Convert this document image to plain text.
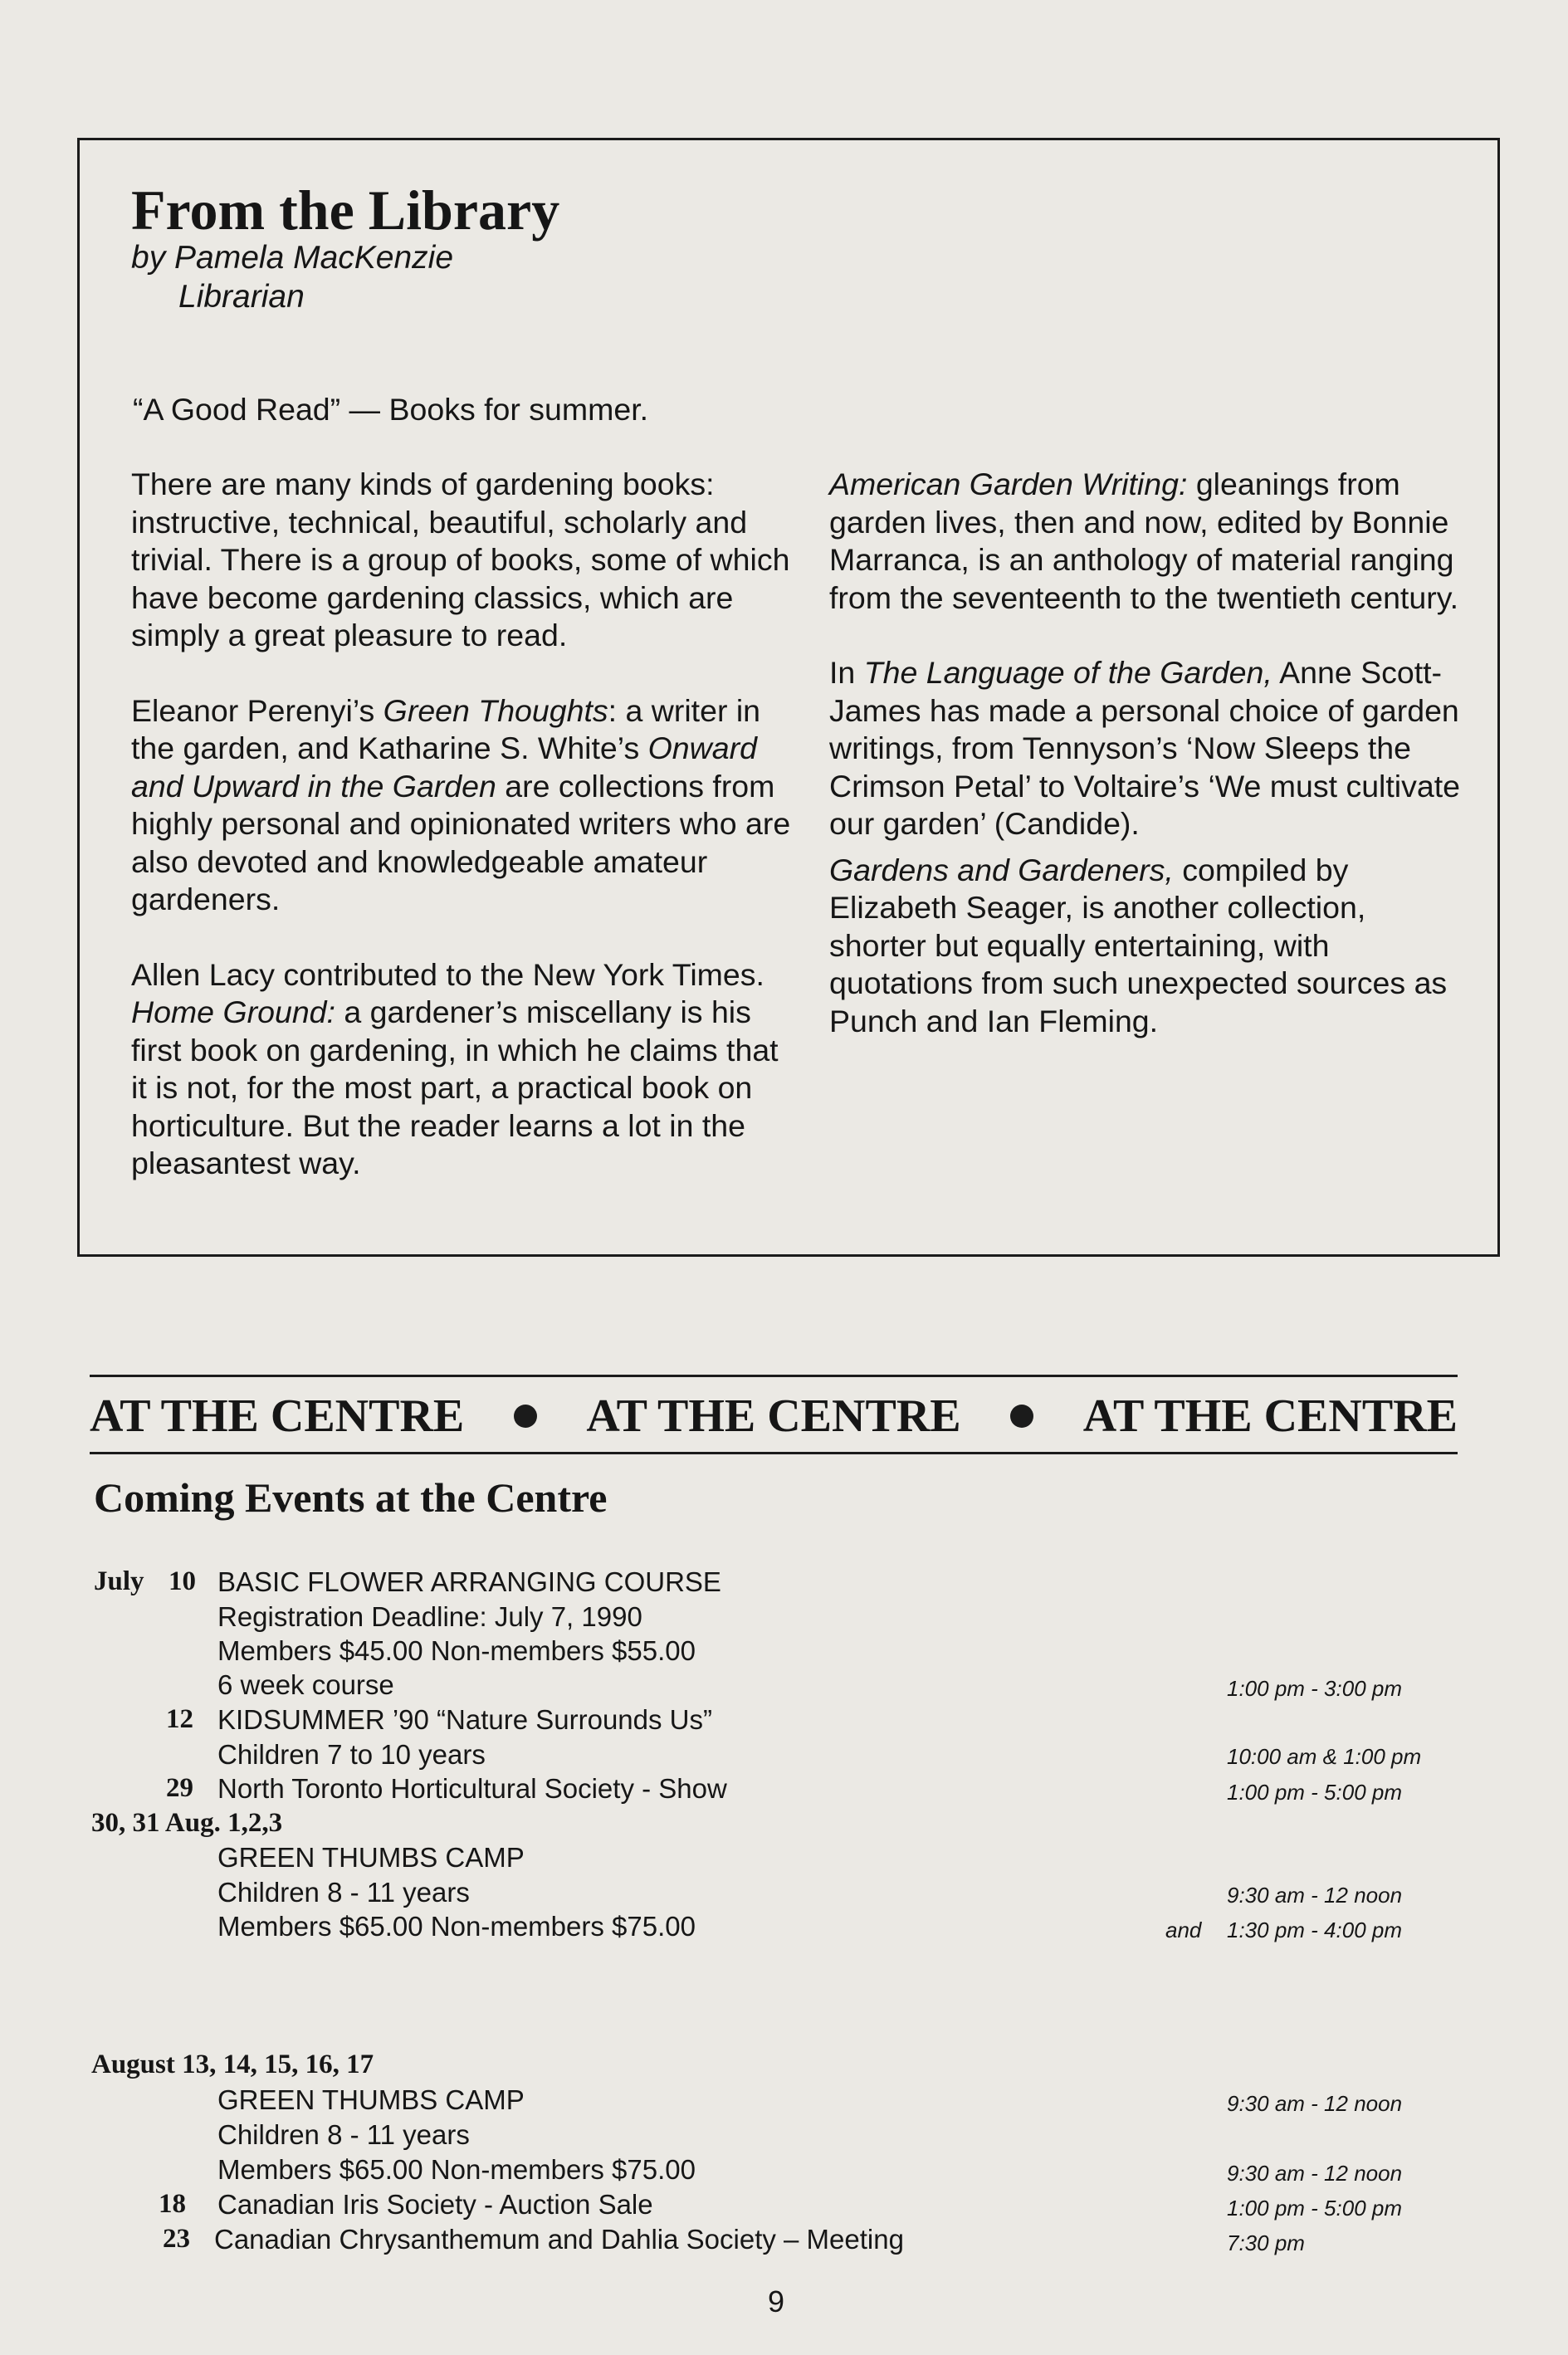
From the Library
by Pamela MacKenzie
Librarian
“A Good Read” — Books for summer.

There are many kinds of gardening books: instructive, technical, beautiful, scholarly and trivial. There is a group of books, some of which have become gardening classics, which are simply a great pleasure to read.

Eleanor Perenyi’s Green Thoughts: a writer in the garden, and Katharine S. White’s Onward and Upward in the Garden are collections from highly personal and opinionated writers who are also devoted and knowledgeable amateur gardeners.

Allen Lacy contributed to the New York Times. Home Ground: a gardener’s miscellany is his first book on gardening, in which he claims that it is not, for the most part, a practical book on horticulture. But the reader learns a lot in the pleasantest way.

American Garden Writing: gleanings from garden lives, then and now, edited by Bonnie Marranca, is an anthology of material ranging from the seventeenth to the twentieth century.

In The Language of the Garden, Anne Scott-James has made a personal choice of garden writings, from Tennyson’s ‘Now Sleeps the Crimson Petal’ to Voltaire’s ‘We must cultivate our garden’ (Candide).

Gardens and Gardeners, compiled by Elizabeth Seager, is another collection, shorter but equally entertaining, with quotations from such unexpected sources as Punch and Ian Fleming.

AT THE CENTRE	AT THE CENTRE	AT THE CENTRE
Coming Events at the Centre
July 10
12
29
30, 31 Aug. 1,2,3
August 13, 14, 15, 16, 17
18
23
BASIC FLOWER ARRANGING COURSE
Registration Deadline: July 7, 1990
Members $45.00 Non-members $55.00
6 week course
KIDSUMMER ’90 “Nature Surrounds Us”
Children 7 to 10 years
North Toronto Horticultural Society - Show
GREEN THUMBS CAMP
Children 8 - 11 years
Members $65.00 Non-members $75.00
GREEN THUMBS CAMP
Children 8 - 11 years
Members $65.00 Non-members $75.00
Canadian Iris Society - Auction Sale
Canadian Chrysanthemum and Dahlia Society – Meeting
1:00 pm - 3:00 pm
10:00 am & 1:00 pm
1:00 pm - 5:00 pm
9:30 am - 12 noon
and 1:30 pm - 4:00 pm
9:30 am - 12 noon
9:30 am - 12 noon
1:00 pm - 5:00 pm
7:30 pm
9
